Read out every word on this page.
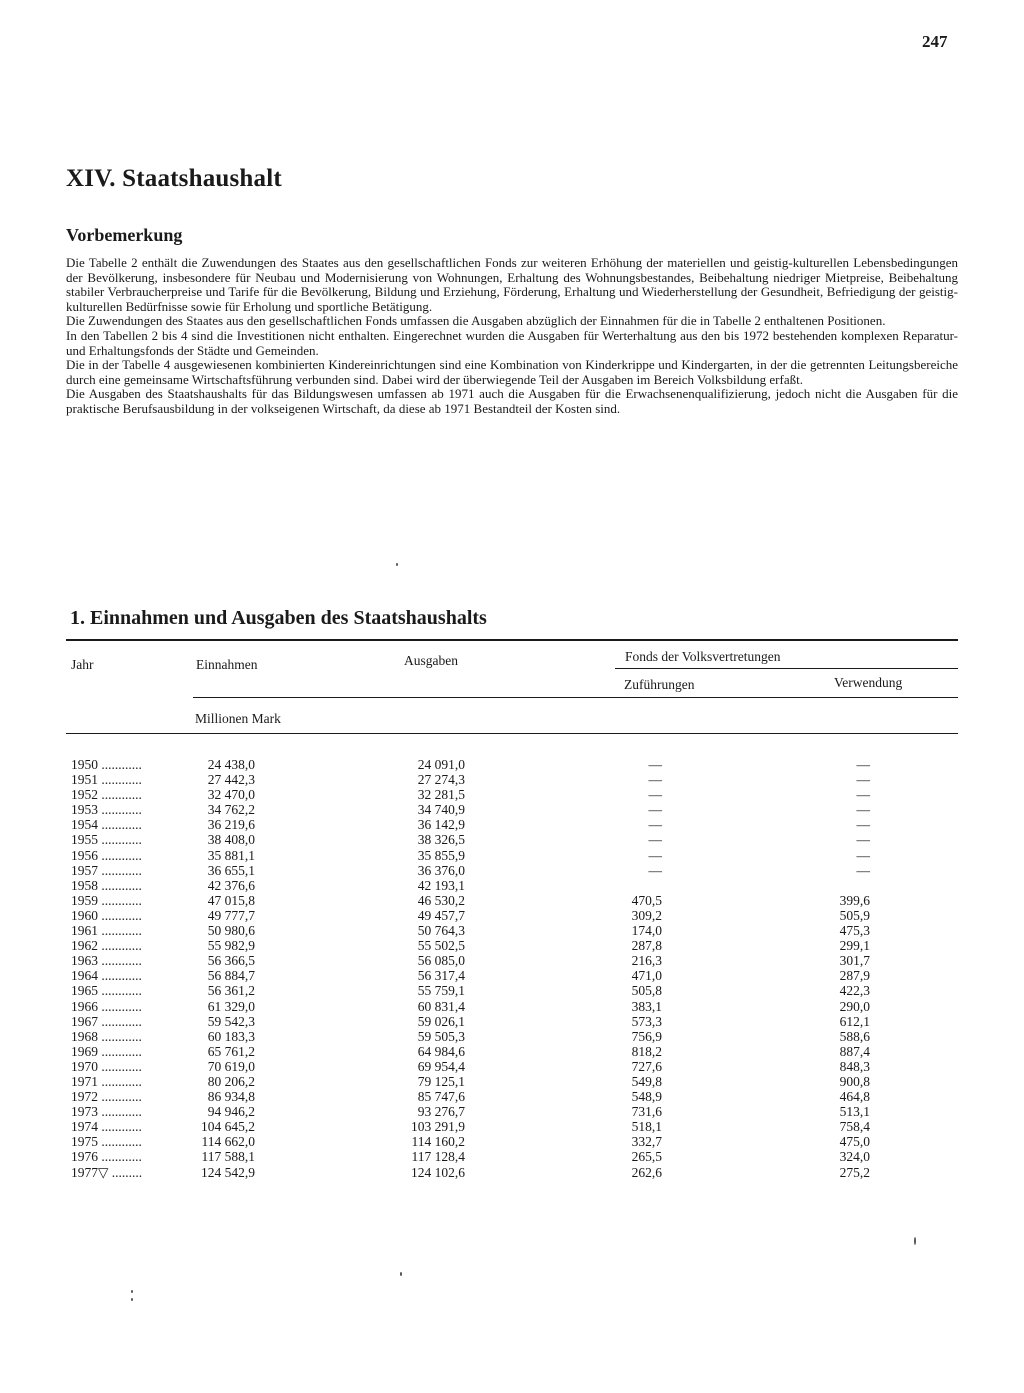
247
XIV. Staatshaushalt
Vorbemerkung

Die Tabelle 2 enthält die Zuwendungen des Staates aus den gesellschaftlichen Fonds zur weiteren Erhöhung der materiellen und geistig-kulturellen Lebensbedingungen der Bevölkerung, insbesondere für Neubau und Modernisierung von Wohnungen, Erhaltung des Wohnungsbestandes, Beibehaltung niedriger Mietpreise, Beibehaltung stabiler Verbraucherpreise und Tarife für die Bevölkerung, Bildung und Erziehung, Förderung, Erhaltung und Wiederherstellung der Gesundheit, Befriedigung der geistig-kulturellen Bedürfnisse sowie für Erholung und sportliche Betätigung.

Die Zuwendungen des Staates aus den gesellschaftlichen Fonds umfassen die Ausgaben abzüglich der Einnahmen für die in Tabelle 2 enthaltenen Positionen.

In den Tabellen 2 bis 4 sind die Investitionen nicht enthalten. Eingerechnet wurden die Ausgaben für Werterhaltung aus den bis 1972 bestehenden komplexen Reparatur- und Erhaltungsfonds der Städte und Gemeinden.

Die in der Tabelle 4 ausgewiesenen kombinierten Kindereinrichtungen sind eine Kombination von Kinderkrippe und Kindergarten, in der die getrennten Leitungsbereiche durch eine gemeinsame Wirtschaftsführung verbunden sind. Dabei wird der überwiegende Teil der Ausgaben im Bereich Volksbildung erfaßt.

Die Ausgaben des Staatshaushalts für das Bildungswesen umfassen ab 1971 auch die Ausgaben für die Erwachsenenqualifizierung, jedoch nicht die Ausgaben für die praktische Berufsausbildung in der volkseigenen Wirtschaft, da diese ab 1971 Bestandteil der Kosten sind.

1. Einnahmen und Ausgaben des Staatshaushalts
Jahr	Einnahmen	Ausgaben	Fonds der Volksvertretungen
Zuführungen	Verwendung
Millionen Mark
1950 ............	24 438,0	24 091,0	—	—
1951 ............	27 442,3	27 274,3	—	—
1952 ............	32 470,0	32 281,5	—	—
1953 ............	34 762,2	34 740,9	—	—
1954 ............	36 219,6	36 142,9	—	—
1955 ............	38 408,0	38 326,5	—	—
1956 ............	35 881,1	35 855,9	—	—
1957 ............	36 655,1	36 376,0	—	—
1958 ............	42 376,6	42 193,1
1959 ............	47 015,8	46 530,2	470,5	399,6
1960 ............	49 777,7	49 457,7	309,2	505,9
1961 ............	50 980,6	50 764,3	174,0	475,3
1962 ............	55 982,9	55 502,5	287,8	299,1
1963 ............	56 366,5	56 085,0	216,3	301,7
1964 ............	56 884,7	56 317,4	471,0	287,9
1965 ............	56 361,2	55 759,1	505,8	422,3
1966 ............	61 329,0	60 831,4	383,1	290,0
1967 ............	59 542,3	59 026,1	573,3	612,1
1968 ............	60 183,3	59 505,3	756,9	588,6
1969 ............	65 761,2	64 984,6	818,2	887,4
1970 ............	70 619,0	69 954,4	727,6	848,3
1971 ............	80 206,2	79 125,1	549,8	900,8
1972 ............	86 934,8	85 747,6	548,9	464,8
1973 ............	94 946,2	93 276,7	731,6	513,1
1974 ............	104 645,2	103 291,9	518,1	758,4
1975 ............	114 662,0	114 160,2	332,7	475,0
1976 ............	117 588,1	117 128,4	265,5	324,0
1977▽ .........	124 542,9	124 102,6	262,6	275,2
